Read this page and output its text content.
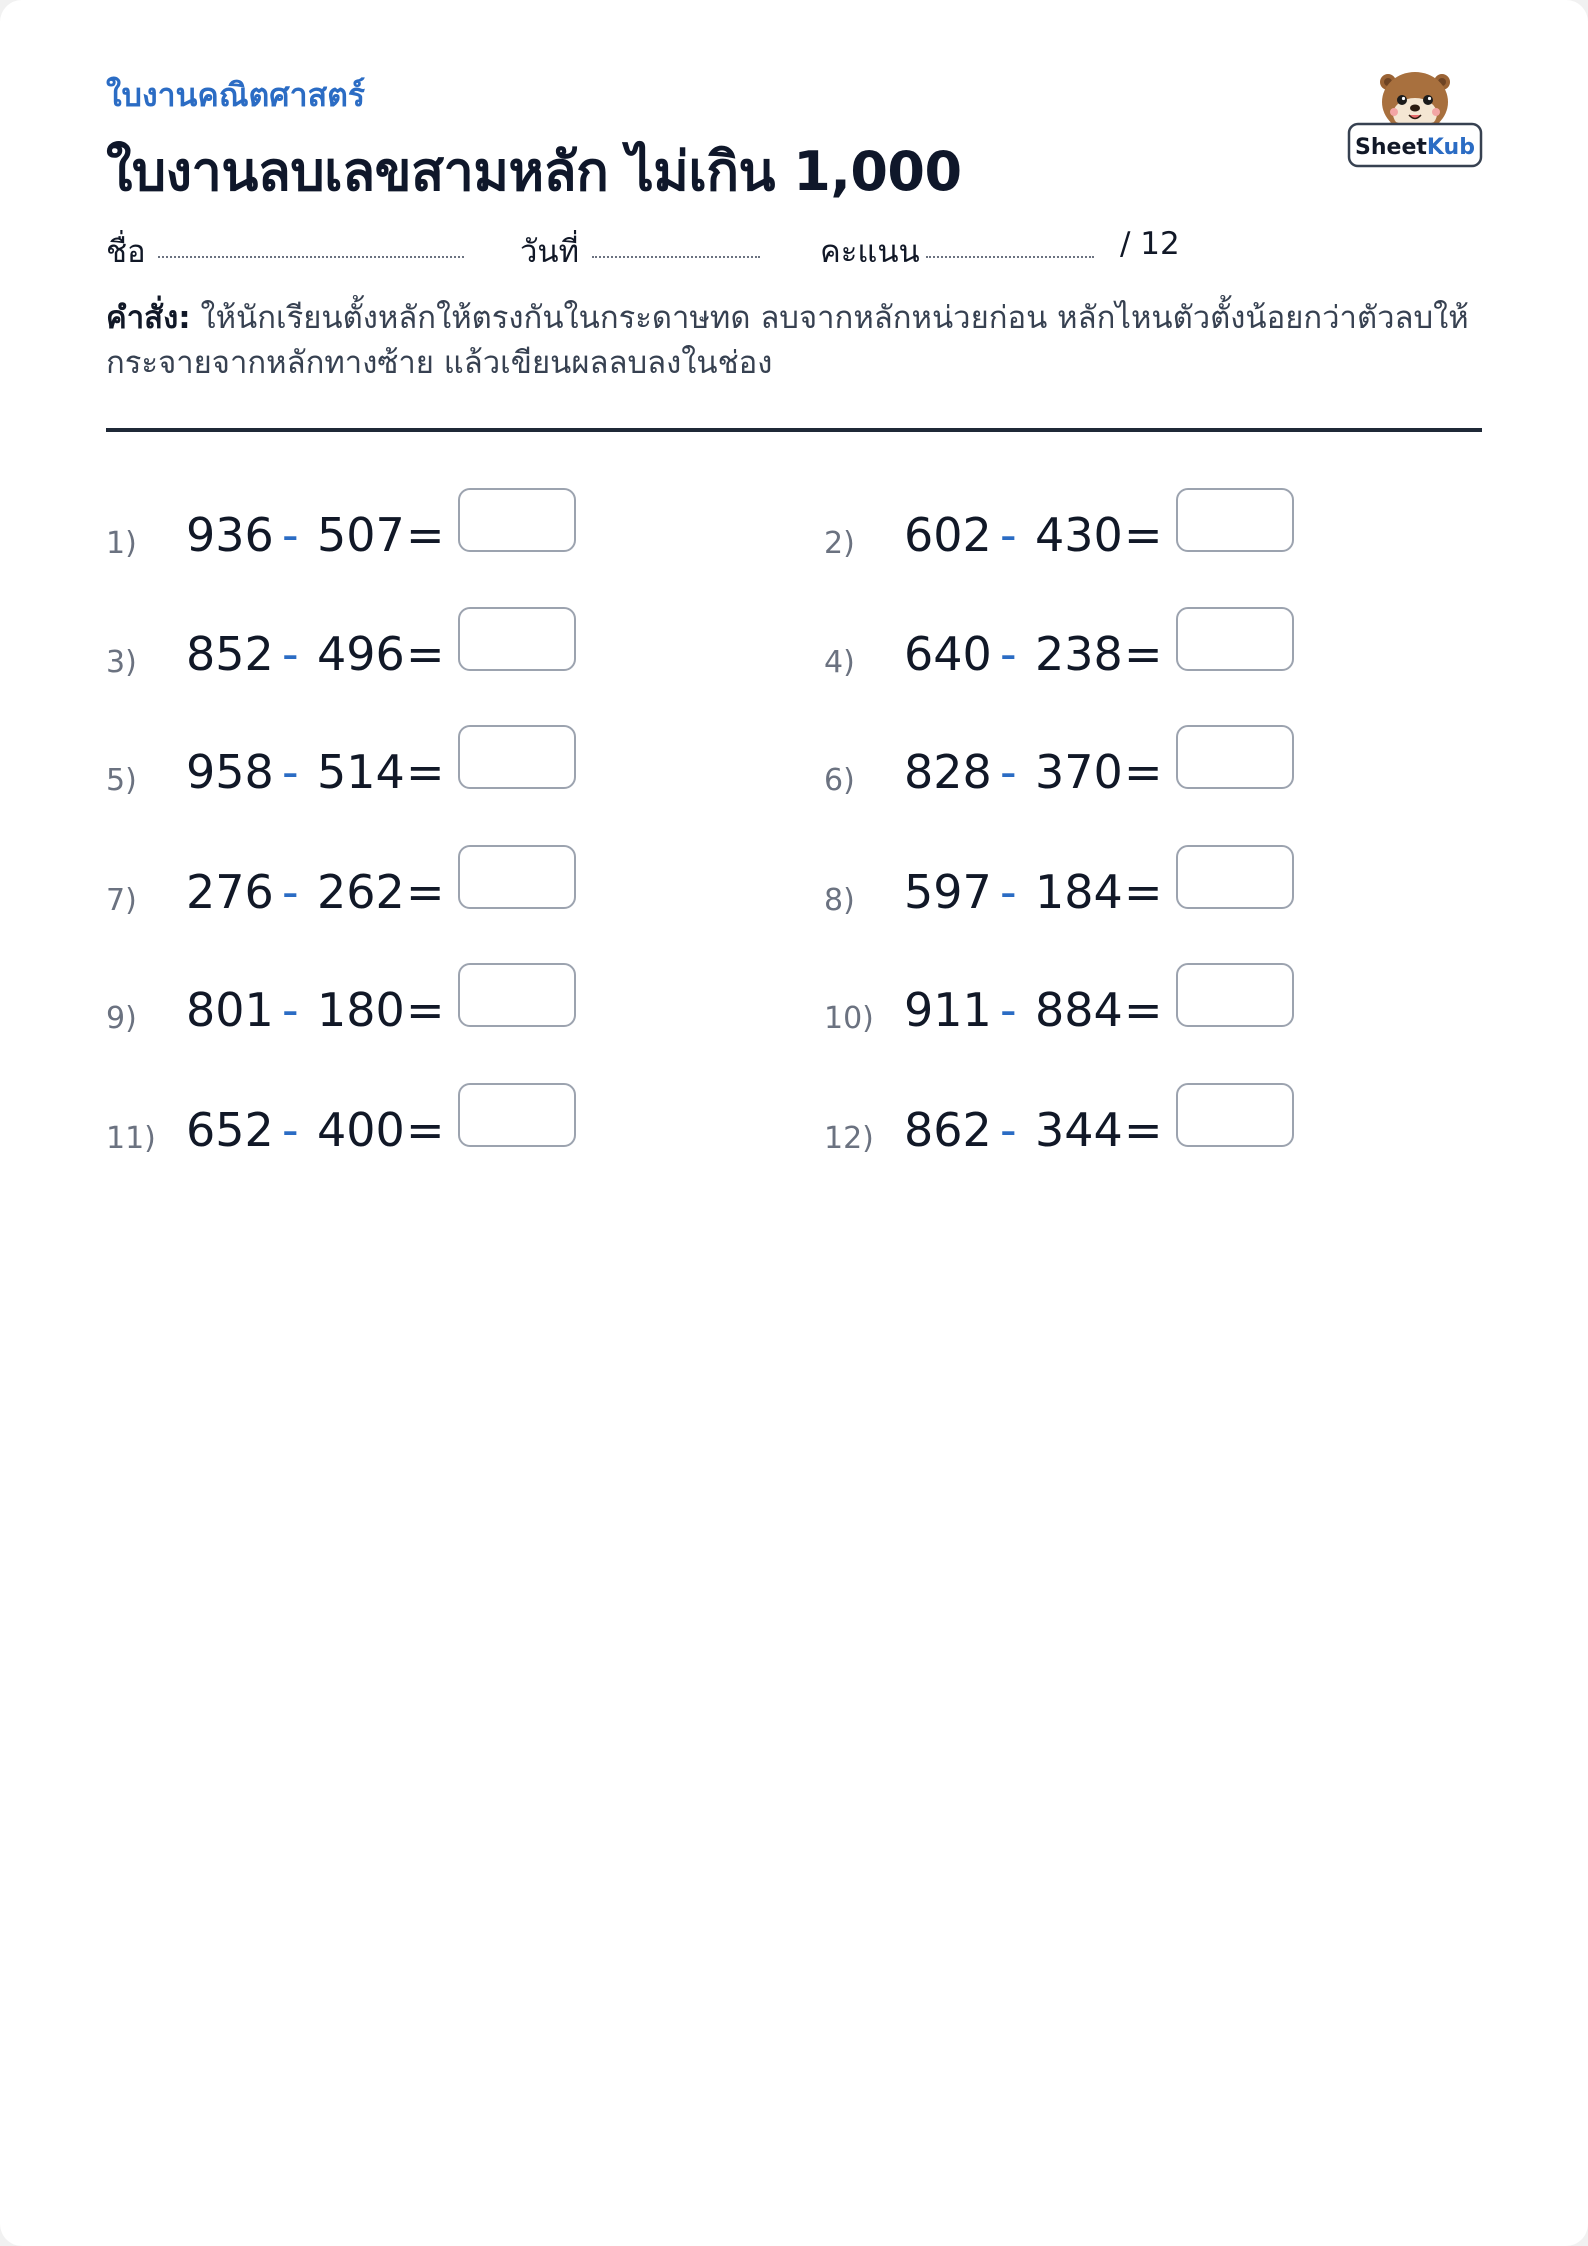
ใบงานคณิตศาสตร์
ใบงานลบเลขสามหลัก ไม่เกิน 1,000	SheetKub
ชื่อ	วันที่	คะแนน	/ 12
คำสั่ง: ให้นักเรียนตั้งหลักให้ตรงกันในกระดาษทด ลบจากหลักหน่วยก่อน หลักไหนตัวตั้งน้อยกว่าตัวลบให้กระจายจากหลักทางซ้าย แล้วเขียนผลลบลงในช่อง
1) 936 - 507 =	2) 602 - 430 =
3) 852 - 496 =	4) 640 - 238 =
5) 958 - 514 =	6) 828 - 370 =
7) 276 - 262 =	8) 597 - 184 =
9) 801 - 180 =	10) 911 - 884 =
11) 652 - 400 =	12) 862 - 344 =
